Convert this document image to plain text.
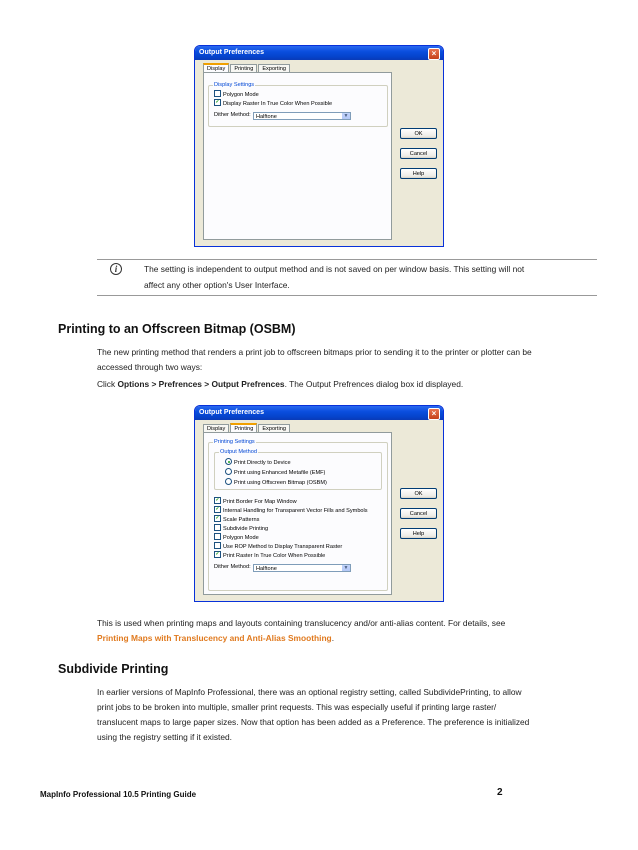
Output Preferences	×
Display	Printing	Exporting
Display Settings
Polygon Mode
✓ Display Raster In True Color When Possible
Dither Method: Halftone	▼
OK
Cancel
Help
i	The setting is independent to output method and is not saved on per window basis. This setting will not
affect any other option's User Interface.
Printing to an Offscreen Bitmap (OSBM)
The new printing method that renders a print job to offscreen bitmaps prior to sending it to the printer or plotter can be
accessed through two ways:
Click Options > Prefrences > Output Prefrences. The Output Prefrences dialog box id displayed.
Output Preferences	×
Display	Printing	Exporting
Printing Settings
Output Method
Print Directly to Device
Print using Enhanced Metafile (EMF)
Print using Offscreen Bitmap (OSBM)
✓ Print Border For Map Window
✓ Internal Handling for Transparent Vector Fills and Symbols
✓ Scale Patterns
Subdivide Printing
Polygon Mode
Use ROP Method to Display Transparent Raster
✓ Print Raster In True Color When Possible
Dither Method: Halftone	▼
OK
Cancel
Help
This is used when printing maps and layouts containing translucency and/or anti-alias content. For details, see
Printing Maps with Translucency and Anti-Alias Smoothing.
Subdivide Printing
In earlier versions of MapInfo Professional, there was an optional registry setting, called SubdividePrinting, to allow
print jobs to be broken into multiple, smaller print requests. This was especially useful if printing large raster/
translucent maps to large paper sizes. Now that option has been added as a Preference. The preference is initialized
using the registry setting if it existed.
MapInfo Professional 10.5 Printing Guide	2
